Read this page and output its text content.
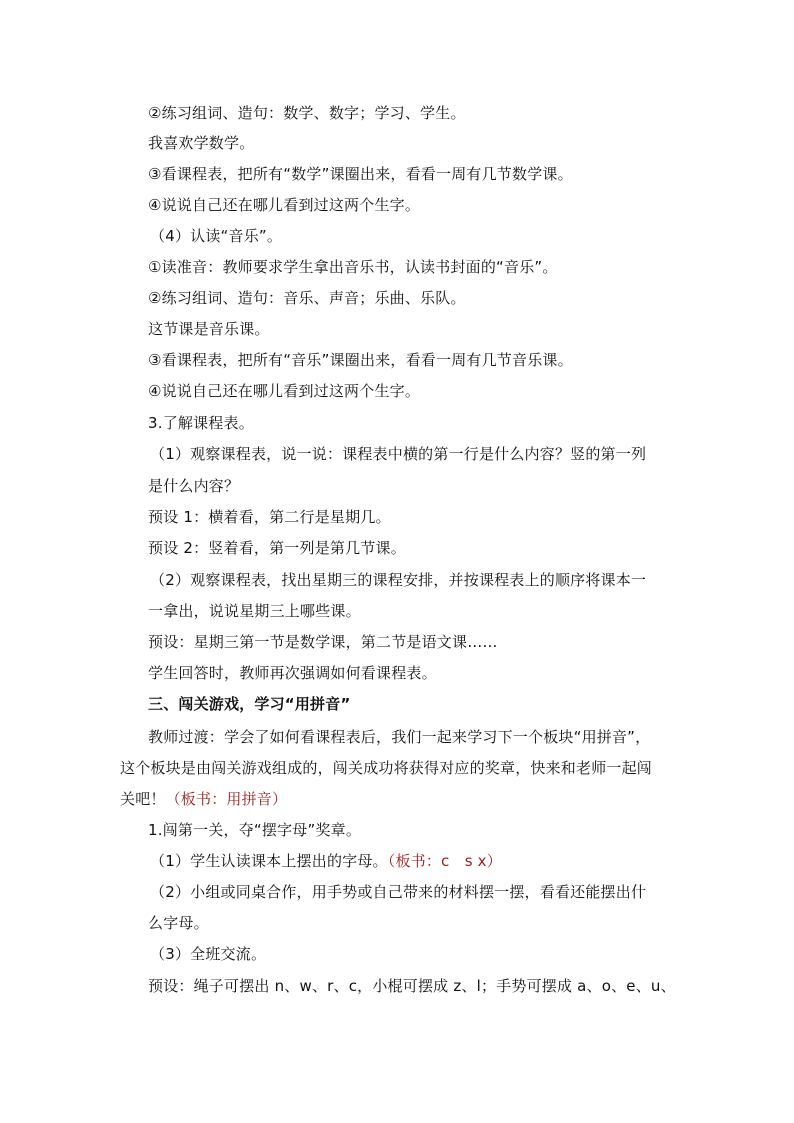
②练习组词、造句：数学、数字；学习、学生。
我喜欢学数学。
③看课程表，把所有“数学”课圈出来，看看一周有几节数学课。
④说说自己还在哪儿看到过这两个生字。
（4）认读“音乐”。
①读准音：教师要求学生拿出音乐书，认读书封面的“音乐”。
②练习组词、造句：音乐、声音；乐曲、乐队。
这节课是音乐课。
③看课程表，把所有“音乐”课圈出来，看看一周有几节音乐课。
④说说自己还在哪儿看到过这两个生字。
3.了解课程表。
（1）观察课程表，说一说：课程表中横的第一行是什么内容？竖的第一列
是什么内容？
预设 1：横着看，第二行是星期几。
预设 2：竖着看，第一列是第几节课。
（2）观察课程表，找出星期三的课程安排，并按课程表上的顺序将课本一
一拿出，说说星期三上哪些课。
预设：星期三第一节是数学课，第二节是语文课……
学生回答时，教师再次强调如何看课程表。
三、闯关游戏，学习“用拼音”
教师过渡：学会了如何看课程表后，我们一起来学习下一个板块“用拼音”，
这个板块是由闯关游戏组成的，闯关成功将获得对应的奖章，快来和老师一起闯
关吧！（板书：用拼音）
1.闯第一关，夺“摆字母”奖章。
（1）学生认读课本上摆出的字母。（板书：c　s x）
（2）小组或同桌合作，用手势或自己带来的材料摆一摆，看看还能摆出什
么字母。
（3）全班交流。
预设：绳子可摆出 n、w、r、c，小棍可摆成 z、l；手势可摆成 a、o、e、u、
